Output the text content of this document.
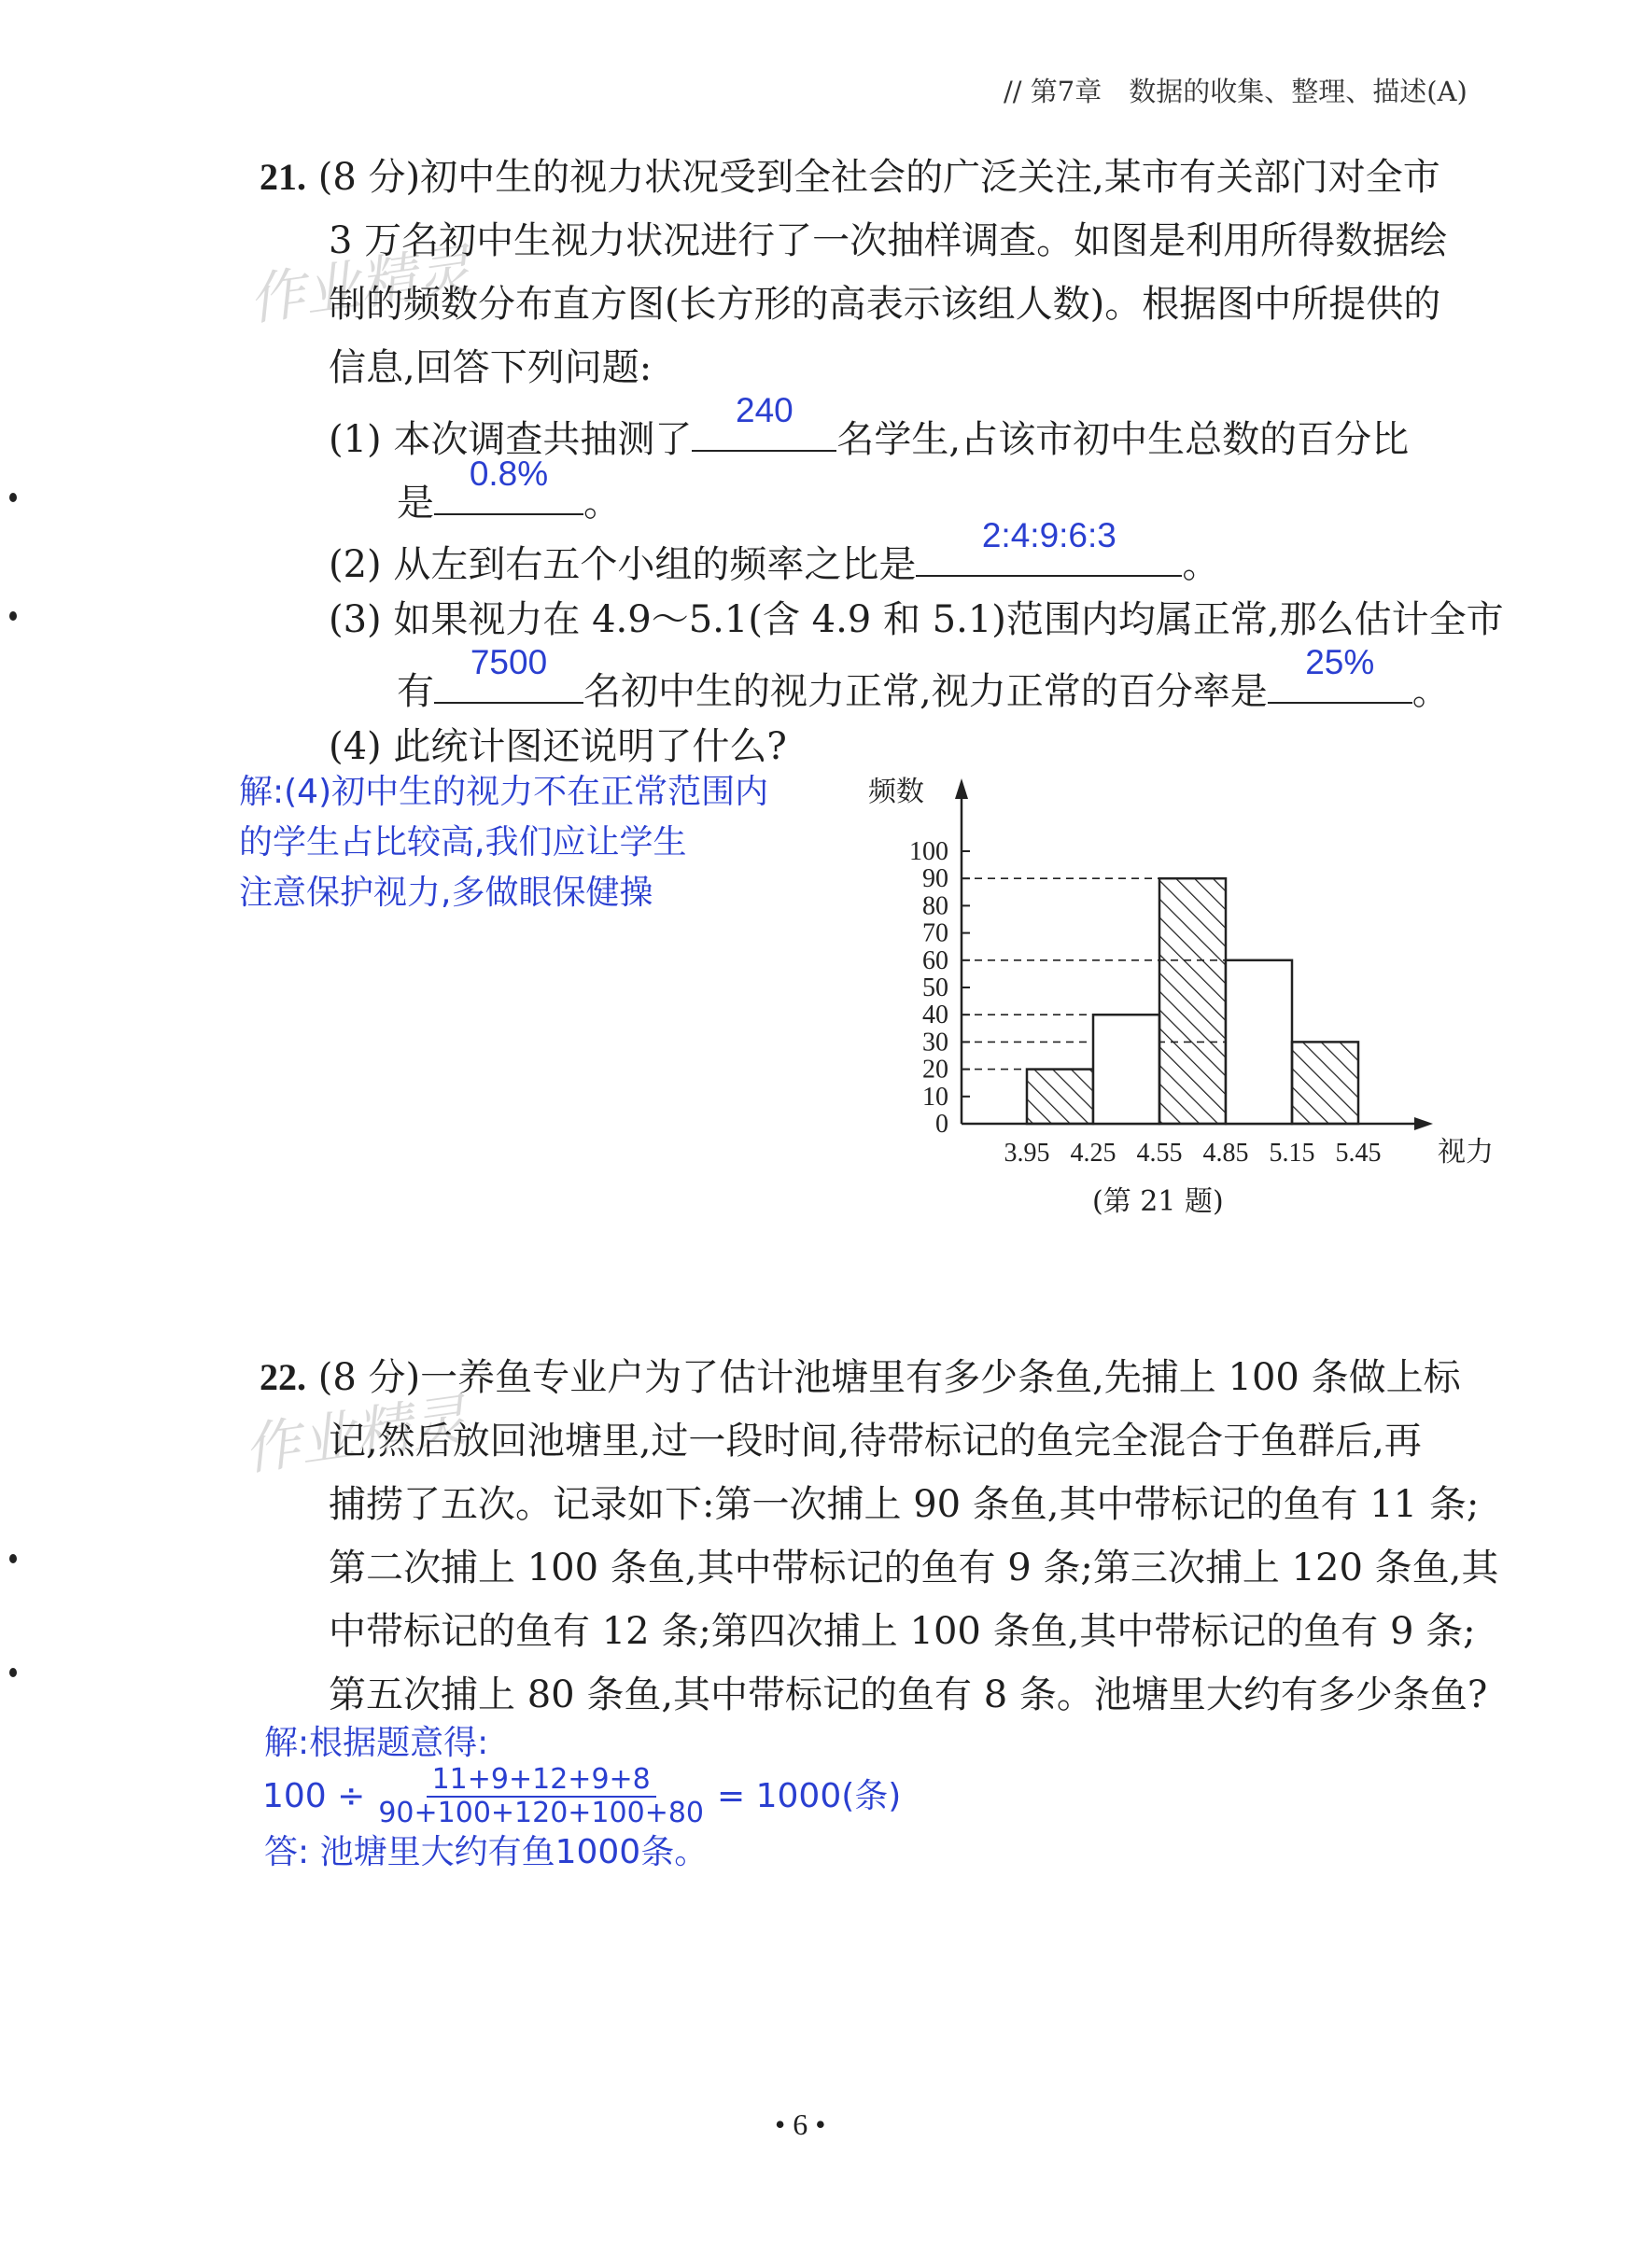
// 第7章　数据的收集、整理、描述(A)
作业精灵
作业精灵
21. (8 分)初中生的视力状况受到全社会的广泛关注,某市有关部门对全市
3 万名初中生视力状况进行了一次抽样调查。如图是利用所得数据绘
制的频数分布直方图(长方形的高表示该组人数)。根据图中所提供的
信息,回答下列问题:
(1) 本次调查共抽测了
240
名学生,占该市初中生总数的百分比
是
0.8%
。
(2) 从左到右五个小组的频率之比是
2:4:9:6:3
。
(3) 如果视力在 4.9～5.1(含 4.9 和 5.1)范围内均属正常,那么估计全市
有
7500
名初中生的视力正常,视力正常的百分率是
25%
。
(4) 此统计图还说明了什么?
解:(4)初中生的视力不在正常范围内
的学生占比较高,我们应让学生
注意保护视力,多做眼保健操
0
10
20
30
40
50
60
70
80
90
100
3.95 4.25 4.55 4.85 5.15 5.45 视力
频数
(第 21 题)
22. (8 分)一养鱼专业户为了估计池塘里有多少条鱼,先捕上 100 条做上标
记,然后放回池塘里,过一段时间,待带标记的鱼完全混合于鱼群后,再
捕捞了五次。记录如下:第一次捕上 90 条鱼,其中带标记的鱼有 11 条;
第二次捕上 100 条鱼,其中带标记的鱼有 9 条;第三次捕上 120 条鱼,其
中带标记的鱼有 12 条;第四次捕上 100 条鱼,其中带标记的鱼有 9 条;
第五次捕上 80 条鱼,其中带标记的鱼有 8 条。池塘里大约有多少条鱼?
解:根据题意得:
$100 \div \frac{11+9+12+9+8}{90+100+120+100+80} = 1000$(条)
答: 池塘里大约有鱼1000条。
• 6 •
